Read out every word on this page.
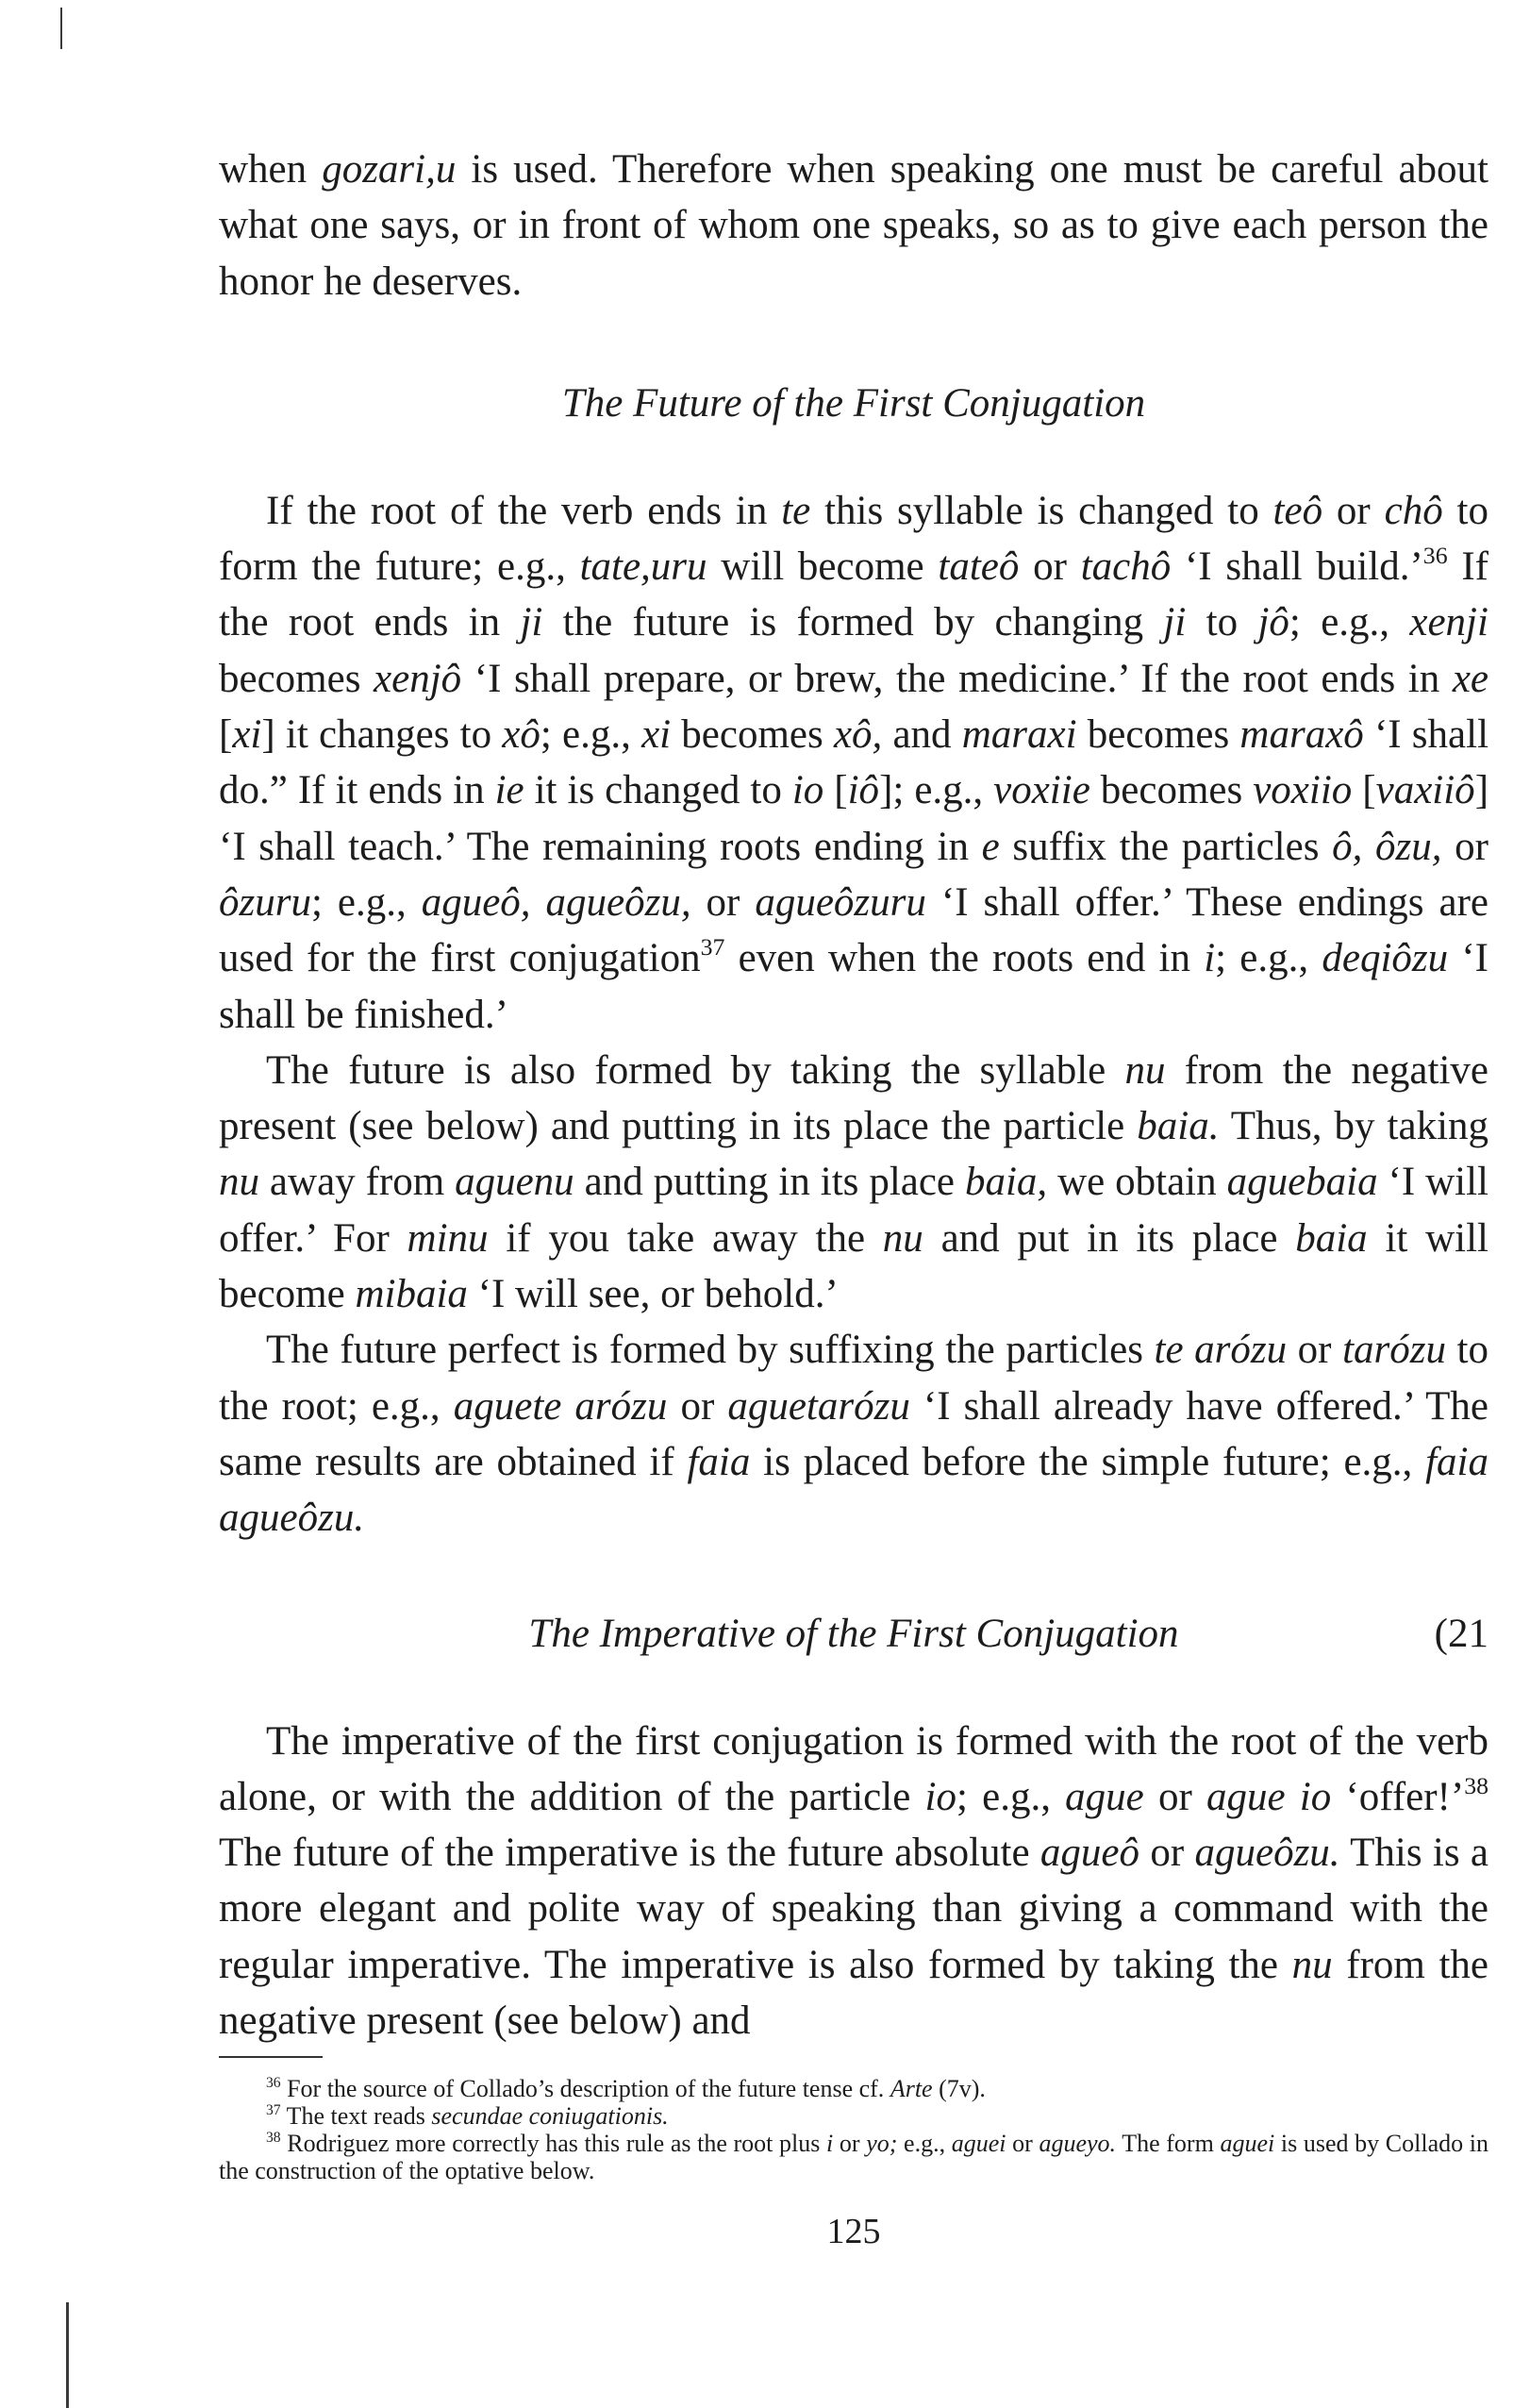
when gozari,u is used. Therefore when speaking one must be careful about what one says, or in front of whom one speaks, so as to give each person the honor he deserves.

The Future of the First Conjugation

If the root of the verb ends in te this syllable is changed to teô or chô to form the future; e.g., tate,uru will become tateô or tachô ‘I shall build.’$^{36}$ If the root ends in ji the future is formed by changing ji to jô; e.g., xenji becomes xenjô ‘I shall prepare, or brew, the medicine.’ If the root ends in xe [xi] it changes to xô; e.g., xi becomes xô, and maraxi becomes maraxô ‘I shall do.” If it ends in ie it is changed to io [iô]; e.g., voxiie becomes voxiio [vaxiiô] ‘I shall teach.’ The remaining roots ending in e suffix the particles ô, ôzu, or ôzuru; e.g., agueô, agueôzu, or agueôzuru ‘I shall offer.’ These endings are used for the first conjugation$^{37}$ even when the roots end in i; e.g., deqiôzu ‘I shall be finished.’

The future is also formed by taking the syllable nu from the negative present (see below) and putting in its place the particle baia. Thus, by taking nu away from aguenu and putting in its place baia, we obtain aguebaia ‘I will offer.’ For minu if you take away the nu and put in its place baia it will become mibaia ‘I will see, or behold.’

The future perfect is formed by suffixing the particles te arózu or tarózu to the root; e.g., aguete arózu or aguetarózu ‘I shall already have offered.’ The same results are obtained if faia is placed before the simple future; e.g., faia agueôzu.

The Imperative of the First Conjugation	(21

The imperative of the first conjugation is formed with the root of the verb alone, or with the addition of the particle io; e.g., ague or ague io ‘offer!’$^{38}$ The future of the imperative is the future absolute agueô or agueôzu. This is a more elegant and polite way of speaking than giving a command with the regular imperative. The imperative is also formed by taking the nu from the negative present (see below) and

$^{36}$ For the source of Collado’s description of the future tense cf. Arte (7v).

$^{37}$ The text reads secundae coniugationis.

$^{38}$ Rodriguez more correctly has this rule as the root plus i or yo; e.g., aguei or agueyo. The form aguei is used by Collado in the construction of the optative below.

125
